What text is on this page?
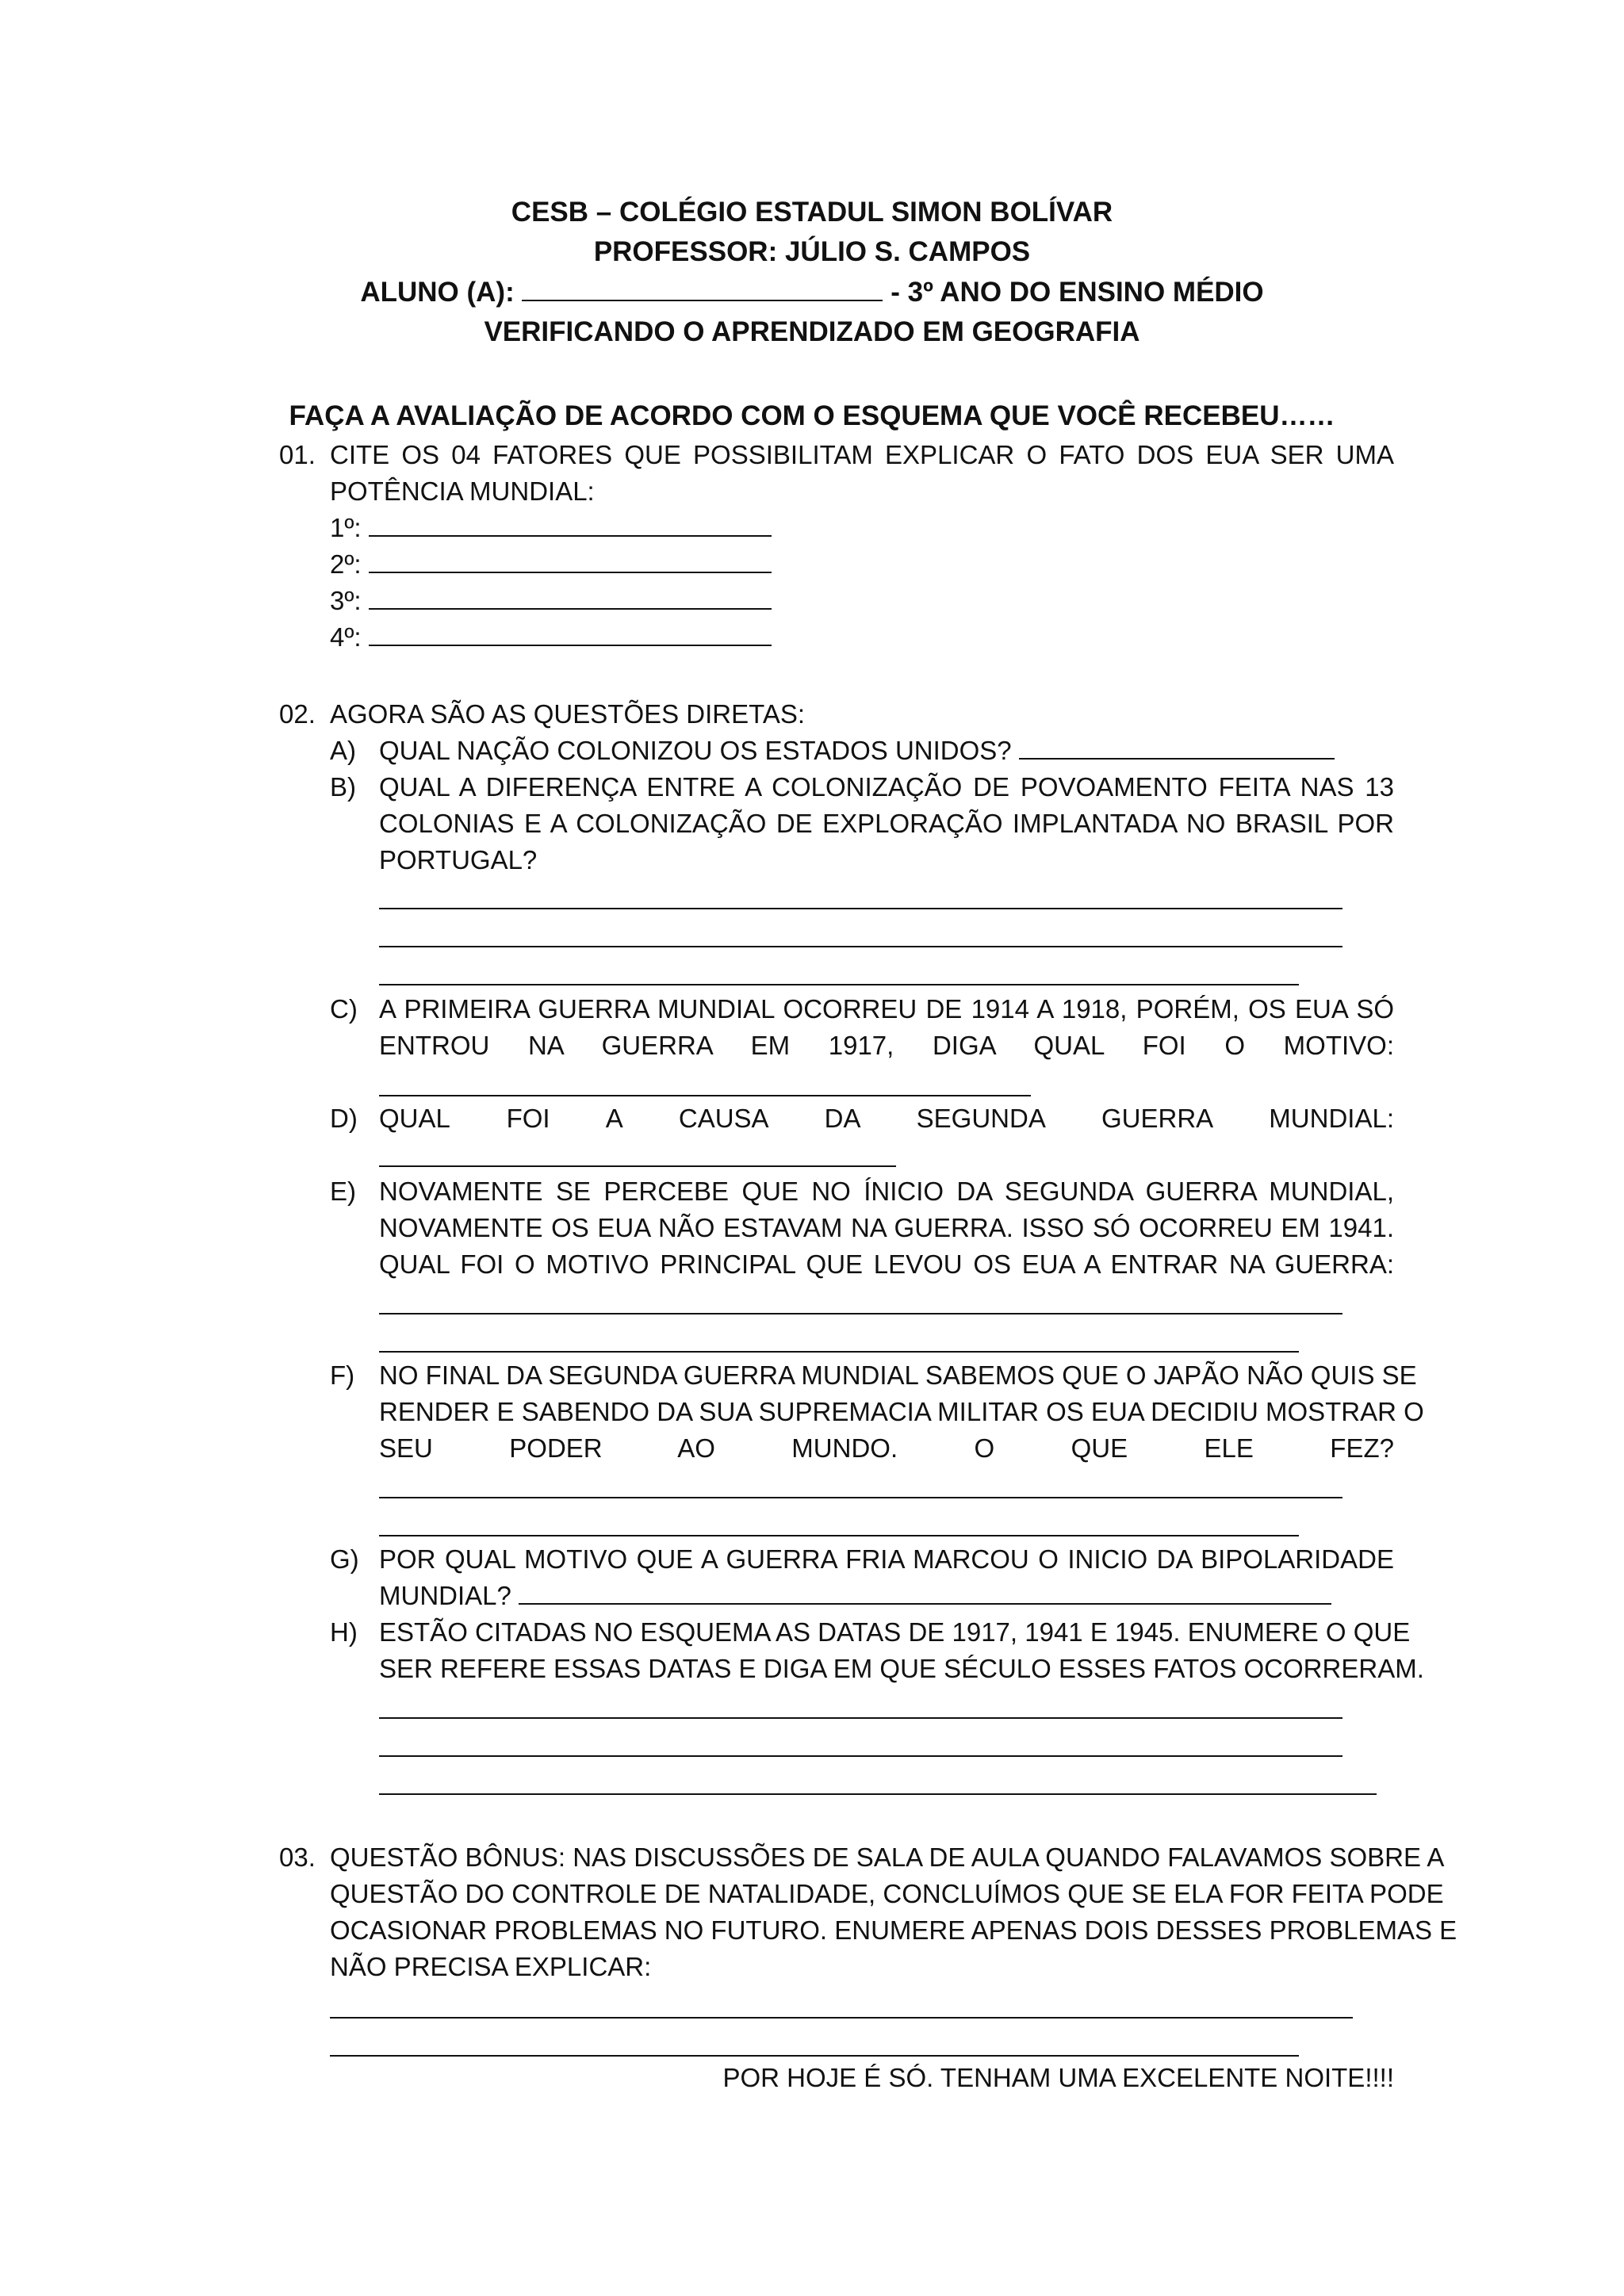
CESB – COLÉGIO ESTADUL SIMON BOLÍVAR
PROFESSOR: JÚLIO S. CAMPOS
ALUNO (A):	- 3º ANO DO ENSINO MÉDIO
VERIFICANDO O APRENDIZADO EM GEOGRAFIA
FAÇA A AVALIAÇÃO DE ACORDO COM O ESQUEMA QUE VOCÊ RECEBEU……
01. CITE OS 04 FATORES QUE POSSIBILITAM EXPLICAR O FATO DOS EUA SER UMA
POTÊNCIA MUNDIAL:
1º:
2º:
3º:
4º:
02. AGORA SÃO AS QUESTÕES DIRETAS:
A) QUAL NAÇÃO COLONIZOU OS ESTADOS UNIDOS?
B) QUAL A DIFERENÇA ENTRE A COLONIZAÇÃO DE POVOAMENTO FEITA NAS 13
COLONIAS E A COLONIZAÇÃO DE EXPLORAÇÃO IMPLANTADA NO BRASIL POR
PORTUGAL?
C) A PRIMEIRA GUERRA MUNDIAL OCORREU DE 1914 A 1918, PORÉM, OS EUA SÓ
ENTROU NA GUERRA EM 1917, DIGA QUAL FOI O MOTIVO:
D) QUAL FOI A CAUSA DA SEGUNDA GUERRA MUNDIAL:
E) NOVAMENTE SE PERCEBE QUE NO ÍNICIO DA SEGUNDA GUERRA MUNDIAL,
NOVAMENTE OS EUA NÃO ESTAVAM NA GUERRA. ISSO SÓ OCORREU EM 1941.
QUAL FOI O MOTIVO PRINCIPAL QUE LEVOU OS EUA A ENTRAR NA GUERRA:
F) NO FINAL DA SEGUNDA GUERRA MUNDIAL SABEMOS QUE O JAPÃO NÃO QUIS SE
RENDER E SABENDO DA SUA SUPREMACIA MILITAR OS EUA DECIDIU MOSTRAR O
SEU PODER AO MUNDO. O QUE ELE FEZ?
G) POR QUAL MOTIVO QUE A GUERRA FRIA MARCOU O INICIO DA BIPOLARIDADE
MUNDIAL?
H) ESTÃO CITADAS NO ESQUEMA AS DATAS DE 1917, 1941 E 1945. ENUMERE O QUE
SER REFERE ESSAS DATAS E DIGA EM QUE SÉCULO ESSES FATOS OCORRERAM.
03. QUESTÃO BÔNUS: NAS DISCUSSÕES DE SALA DE AULA QUANDO FALAVAMOS SOBRE A
QUESTÃO DO CONTROLE DE NATALIDADE, CONCLUÍMOS QUE SE ELA FOR FEITA PODE
OCASIONAR PROBLEMAS NO FUTURO. ENUMERE APENAS DOIS DESSES PROBLEMAS E
NÃO PRECISA EXPLICAR:
POR HOJE É SÓ. TENHAM UMA EXCELENTE NOITE!!!!
